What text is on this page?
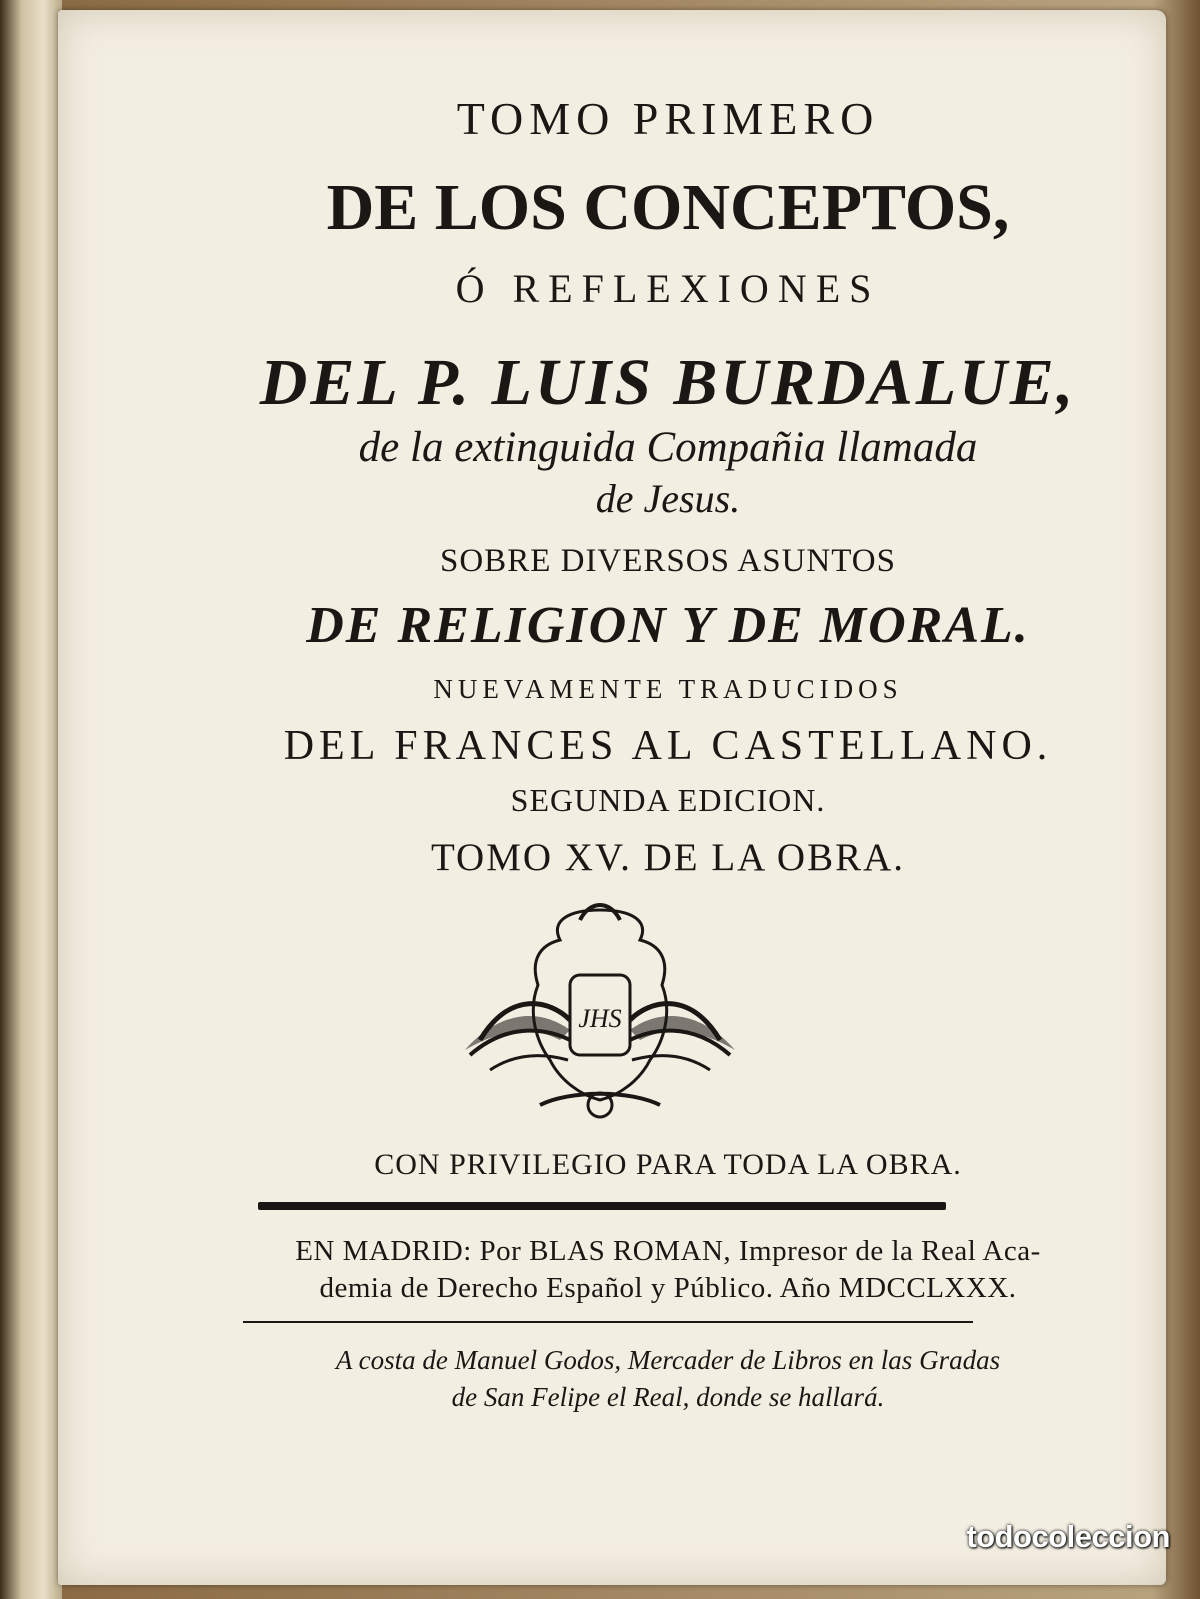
TOMO PRIMERO

DE LOS CONCEPTOS,

Ó REFLEXIONES

DEL P. LUIS BURDALUE,

de la extinguida Compañia llamada

de Jesus.

SOBRE DIVERSOS ASUNTOS

DE RELIGION Y DE MORAL.

NUEVAMENTE TRADUCIDOS

DEL FRANCES AL CASTELLANO.

SEGUNDA EDICION.

TOMO XV. DE LA OBRA.

JHS

CON PRIVILEGIO PARA TODA LA OBRA.

EN MADRID: Por BLAS ROMAN, Impresor de la Real Aca-

demia de Derecho Español y Público. Año MDCCLXXX.

A costa de Manuel Godos, Mercader de Libros en las Gradas

de San Felipe el Real, donde se hallará.

todocoleccion
